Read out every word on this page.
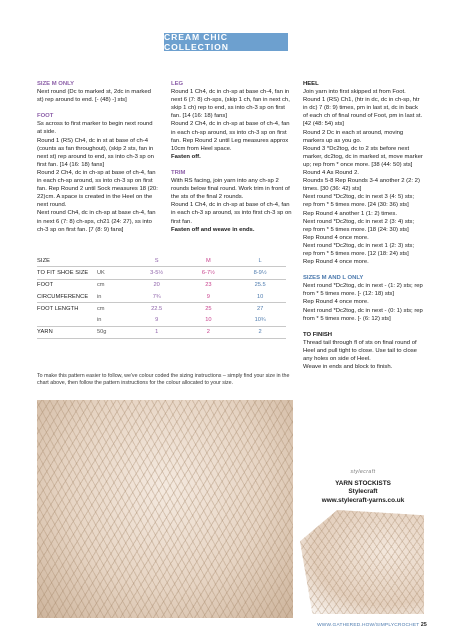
CREAM CHIC COLLECTION

SIZE M ONLY

Next round (Dc to marked st, 2dc in marked st) rep around to end. [- (48) -] sts]

FOOT

Ss across to first marker to begin next round at side.

Round 1 (RS) Ch4, dc in st at base of ch-4 (counts as fan throughout), (skip 2 sts, fan in next st) rep around to end, ss into ch-3 sp on first fan. [14 (16: 18) fans]

Round 2 Ch4, dc in ch-sp at base of ch-4, fan in each ch-sp around, ss into ch-3 sp on first fan. Rep Round 2 until Sock measures 18 (20: 22)cm. A space is created in the Heel on the next round.

Next round Ch4, dc in ch-sp at base ch-4, fan in next 6 (7: 8) ch-sps, ch21 (24: 27), ss into ch-3 sp on first fan. [7 (8: 9) fans]

LEG

Round 1 Ch4, dc in ch-sp at base ch-4, fan in next 6 (7: 8) ch-sps, (skip 1 ch, fan in next ch, skip 1 ch) rep to end, ss into ch-3 sp on first fan. [14 (16: 18) fans]

Round 2 Ch4, dc in ch-sp at base of ch-4, fan in each ch-sp around, ss into ch-3 sp on first fan. Rep Round 2 until Leg measures approx 10cm from Heel space.

Fasten off.

TRIM

With RS facing, join yarn into any ch-sp 2 rounds below final round. Work trim in front of the sts of the final 2 rounds.

Round 1 Ch4, dc in ch-sp at base of ch-4, fan in each ch-3 sp around, ss into first ch-3 sp on first fan.

Fasten off and weave in ends.

HEEL

Join yarn into first skipped st from Foot.

Round 1 (RS) Ch1, (htr in dc, dc in ch-sp, htr in dc) 7 (8: 9) times, pm in last st, dc in back of each ch of final round of Foot, pm in last st. [42 (48: 54) sts]

Round 2 Dc in each st around, moving markers up as you go.

Round 3 *Dc2tog, dc to 2 sts before next marker, dc2tog, dc in marked st, move marker up; rep from * once more. [38 (44: 50) sts]

Round 4 As Round 2.

Rounds 5-8 Rep Rounds 3-4 another 2 (2: 2) times. [30 (36: 42) sts]

Next round *Dc2tog, dc in next 3 (4: 5) sts; rep from * 5 times more. [24 (30: 36) sts]

Rep Round 4 another 1 (1: 2) times.

Next round *Dc2tog, dc in next 2 (3: 4) sts; rep from * 5 times more. [18 (24: 30) sts]

Rep Round 4 once more.

Next round *Dc2tog, dc in next 1 (2: 3) sts; rep from * 5 times more. [12 (18: 24) sts]

Rep Round 4 once more.

SIZES M AND L ONLY

Next round *Dc2tog, dc in next - (1: 2) sts; rep from * 5 times more. [- (12: 18) sts]

Rep Round 4 once more.

Next round *Dc2tog, dc in next - (0: 1) sts; rep from * 5 times more. [- (6: 12) sts]

TO FINISH

Thread tail through fl of sts on final round of Heel and pull tight to close. Use tail to close any holes on side of Heel.

Weave in ends and block to finish.

SIZE		S	M	L
TO FIT SHOE SIZE	UK	3-5½	6-7½	8-9½
FOOT	cm	20	23	25.5
CIRCUMFERENCE	in	7¾	9	10
FOOT LENGTH	cm	22.5	25	27
	in	9	10	10¾
YARN	50g	1	2	2
To make this pattern easier to follow, we've colour coded the sizing instructions – simply find your size in the chart above, then follow the pattern instructions for the colour allocated to your size.
stylecraft
YARN STOCKISTS
Stylecraft
www.stylecraft-yarns.co.uk
WWW.GATHERED.HOW/SIMPLYCROCHET 25
